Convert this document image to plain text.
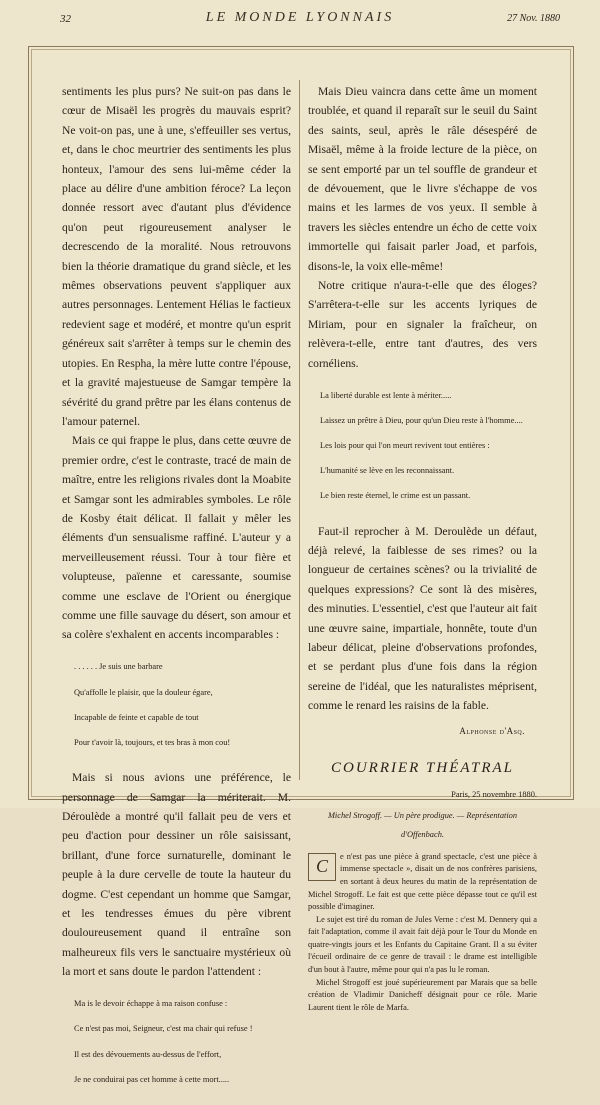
32	LE MONDE LYONNAIS	27 Nov. 1880

sentiments les plus purs? Ne suit-on pas dans le cœur de Misaël les progrès du mauvais esprit? Ne voit-on pas, une à une, s'effeuiller ses vertus, et, dans le choc meurtrier des sentiments les plus honteux, l'amour des sens lui-même céder la place au délire d'une ambition féroce? La leçon donnée ressort avec d'autant plus d'évidence qu'on peut rigoureusement analyser le decrescendo de la moralité. Nous retrouvons bien la théorie dramatique du grand siècle, et les mêmes observations peuvent s'appliquer aux autres personnages. Lentement Hélias le factieux redevient sage et modéré, et montre qu'un esprit généreux sait s'arrêter à temps sur le chemin des utopies. En Respha, la mère lutte contre l'épouse, et la gravité majestueuse de Samgar tempère la sévérité du grand prêtre par les élans contenus de l'amour paternel.

Mais ce qui frappe le plus, dans cette œuvre de premier ordre, c'est le contraste, tracé de main de maître, entre les religions rivales dont la Moabite et Samgar sont les admirables symboles. Le rôle de Kosby était délicat. Il fallait y mêler les éléments d'un sensualisme raffiné. L'auteur y a merveilleusement réussi. Tour à tour fière et volupteuse, païenne et caressante, soumise comme une esclave de l'Orient ou énergique comme une fille sauvage du désert, son amour et sa colère s'exhalent en accents incomparables :

. . . . . . Je suis une barbare

Qu'affolle le plaisir, que la douleur égare,

Incapable de feinte et capable de tout

Pour t'avoir là, toujours, et tes bras à mon cou!

Mais si nous avions une préférence, le personnage de Samgar la mériterait. M. Déroulède a montré qu'il fallait peu de vers et peu d'action pour dessiner un rôle saisissant, brillant, d'une force surnaturelle, dominant le peuple à la dure cervelle de toute la hauteur du dogme. C'est cependant un homme que Samgar, et les tendresses émues du père vibrent douloureusement quand il entraîne son malheureux fils vers le sanctuaire mystérieux où la mort et sans doute le pardon l'attendent :

Ma is le devoir échappe à ma raison confuse :

Ce n'est pas moi, Seigneur, c'est ma chair qui refuse !

Il est des dévouements au-dessus de l'effort,

Je ne conduirai pas cet homme à cette mort.....

Mais Dieu vaincra dans cette âme un moment troublée, et quand il reparaît sur le seuil du Saint des saints, seul, après le râle désespéré de Misaël, même à la froide lecture de la pièce, on se sent emporté par un tel souffle de grandeur et de dévouement, que le livre s'échappe de vos mains et les larmes de vos yeux. Il semble à travers les siècles entendre un écho de cette voix immortelle qui faisait parler Joad, et parfois, disons-le, la voix elle-même!

Notre critique n'aura-t-elle que des éloges? S'arrêtera-t-elle sur les accents lyriques de Miriam, pour en signaler la fraîcheur, on relèvera-t-elle, entre tant d'autres, des vers cornéliens.

La liberté durable est lente à mériter.....

Laissez un prêtre à Dieu, pour qu'un Dieu reste à l'homme....

Les lois pour qui l'on meurt revivent tout entières :

L'humanité se lève en les reconnaissant.

Le bien reste éternel, le crime est un passant.

Faut-il reprocher à M. Deroulède un défaut, déjà relevé, la faiblesse de ses rimes? ou la longueur de certaines scènes? ou la trivialité de quelques expressions? Ce sont là des misères, des minuties. L'essentiel, c'est que l'auteur ait fait une œuvre saine, impartiale, honnête, toute d'un labeur délicat, pleine d'observations profondes, et se perdant plus d'une fois dans la région sereine de l'idéal, que les naturalistes méprisent, comme le renard les raisins de la fable.

Alphonse d'Asq.
COURRIER THÉATRAL
Paris, 25 novembre 1880.
Michel Strogoff. — Un père prodigue. — Représentation d'Offenbach.
C

e n'est pas une pièce à grand spectacle, c'est une pièce à immense spectacle », disait un de nos confrères parisiens, en sortant à deux heures du matin de la représentation de Michel Strogoff. Le fait est que cette pièce dépasse tout ce qu'il est possible d'imaginer.

Le sujet est tiré du roman de Jules Verne : c'est M. Dennery qui a fait l'adaptation, comme il avait fait déjà pour le Tour du Monde en quatre-vingts jours et les Enfants du Capitaine Grant. Il a su éviter l'écueil ordinaire de ce genre de travail : le drame est intelligible d'un bout à l'autre, même pour qui n'a pas lu le roman.

Michel Strogoff est joué supérieurement par Marais que sa belle création de Vladimir Danicheff désignait pour ce rôle. Marie Laurent tient le rôle de Marfa.
